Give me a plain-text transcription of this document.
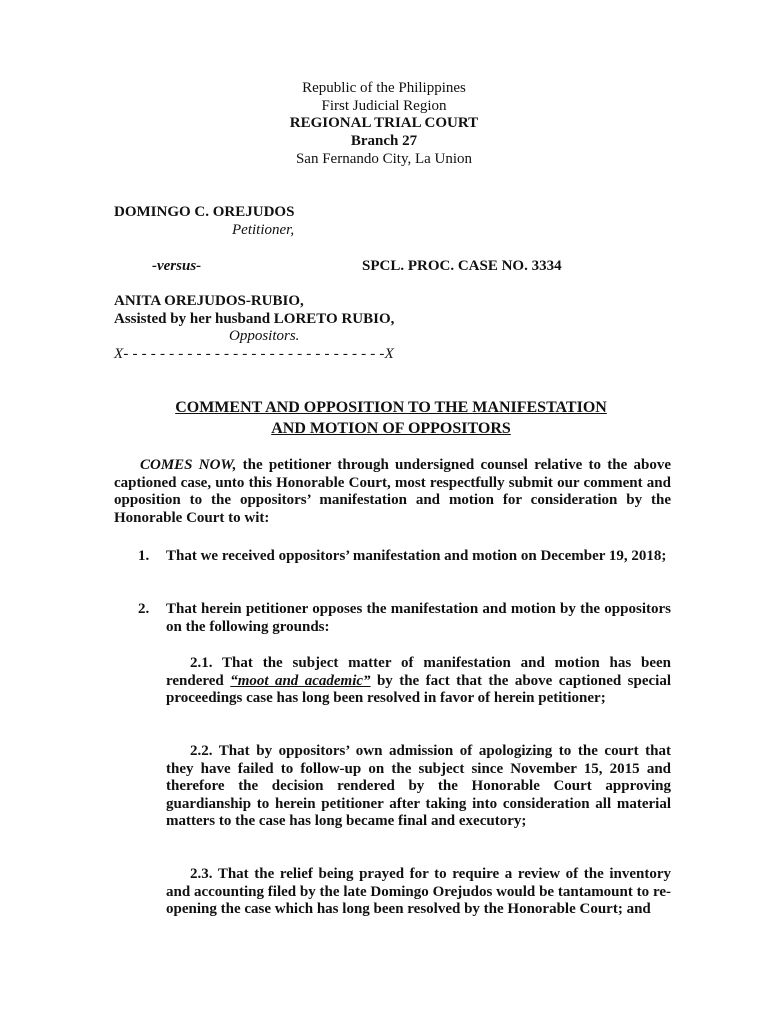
Republic of the Philippines
First Judicial Region
REGIONAL TRIAL COURT
Branch 27
San Fernando City, La Union
DOMINGO C. OREJUDOS
Petitioner,
-versus-	SPCL. PROC. CASE NO. 3334
ANITA OREJUDOS-RUBIO,
Assisted by her husband LORETO RUBIO,
Oppositors.
X- - - - - - - - - - - - - - - - - - - - - - - - - - - - -X
COMMENT AND OPPOSITION TO THE MANIFESTATION
AND MOTION OF OPPOSITORS
COMES NOW, the petitioner through undersigned counsel relative to the above captioned case, unto this Honorable Court, most respectfully submit our comment and opposition to the oppositors’ manifestation and motion for consideration by the Honorable Court to wit:
1. That we received oppositors’ manifestation and motion on December 19, 2018;
2. That herein petitioner opposes the manifestation and motion by the oppositors on the following grounds:
2.1. That the subject matter of manifestation and motion has been rendered “moot and academic” by the fact that the above captioned special proceedings case has long been resolved in favor of herein petitioner;
2.2. That by oppositors’ own admission of apologizing to the court that they have failed to follow-up on the subject since November 15, 2015 and therefore the decision rendered by the Honorable Court approving guardianship to herein petitioner after taking into consideration all material matters to the case has long became final and executory;
2.3. That the relief being prayed for to require a review of the inventory and accounting filed by the late Domingo Orejudos would be tantamount to re-opening the case which has long been resolved by the Honorable Court; and
